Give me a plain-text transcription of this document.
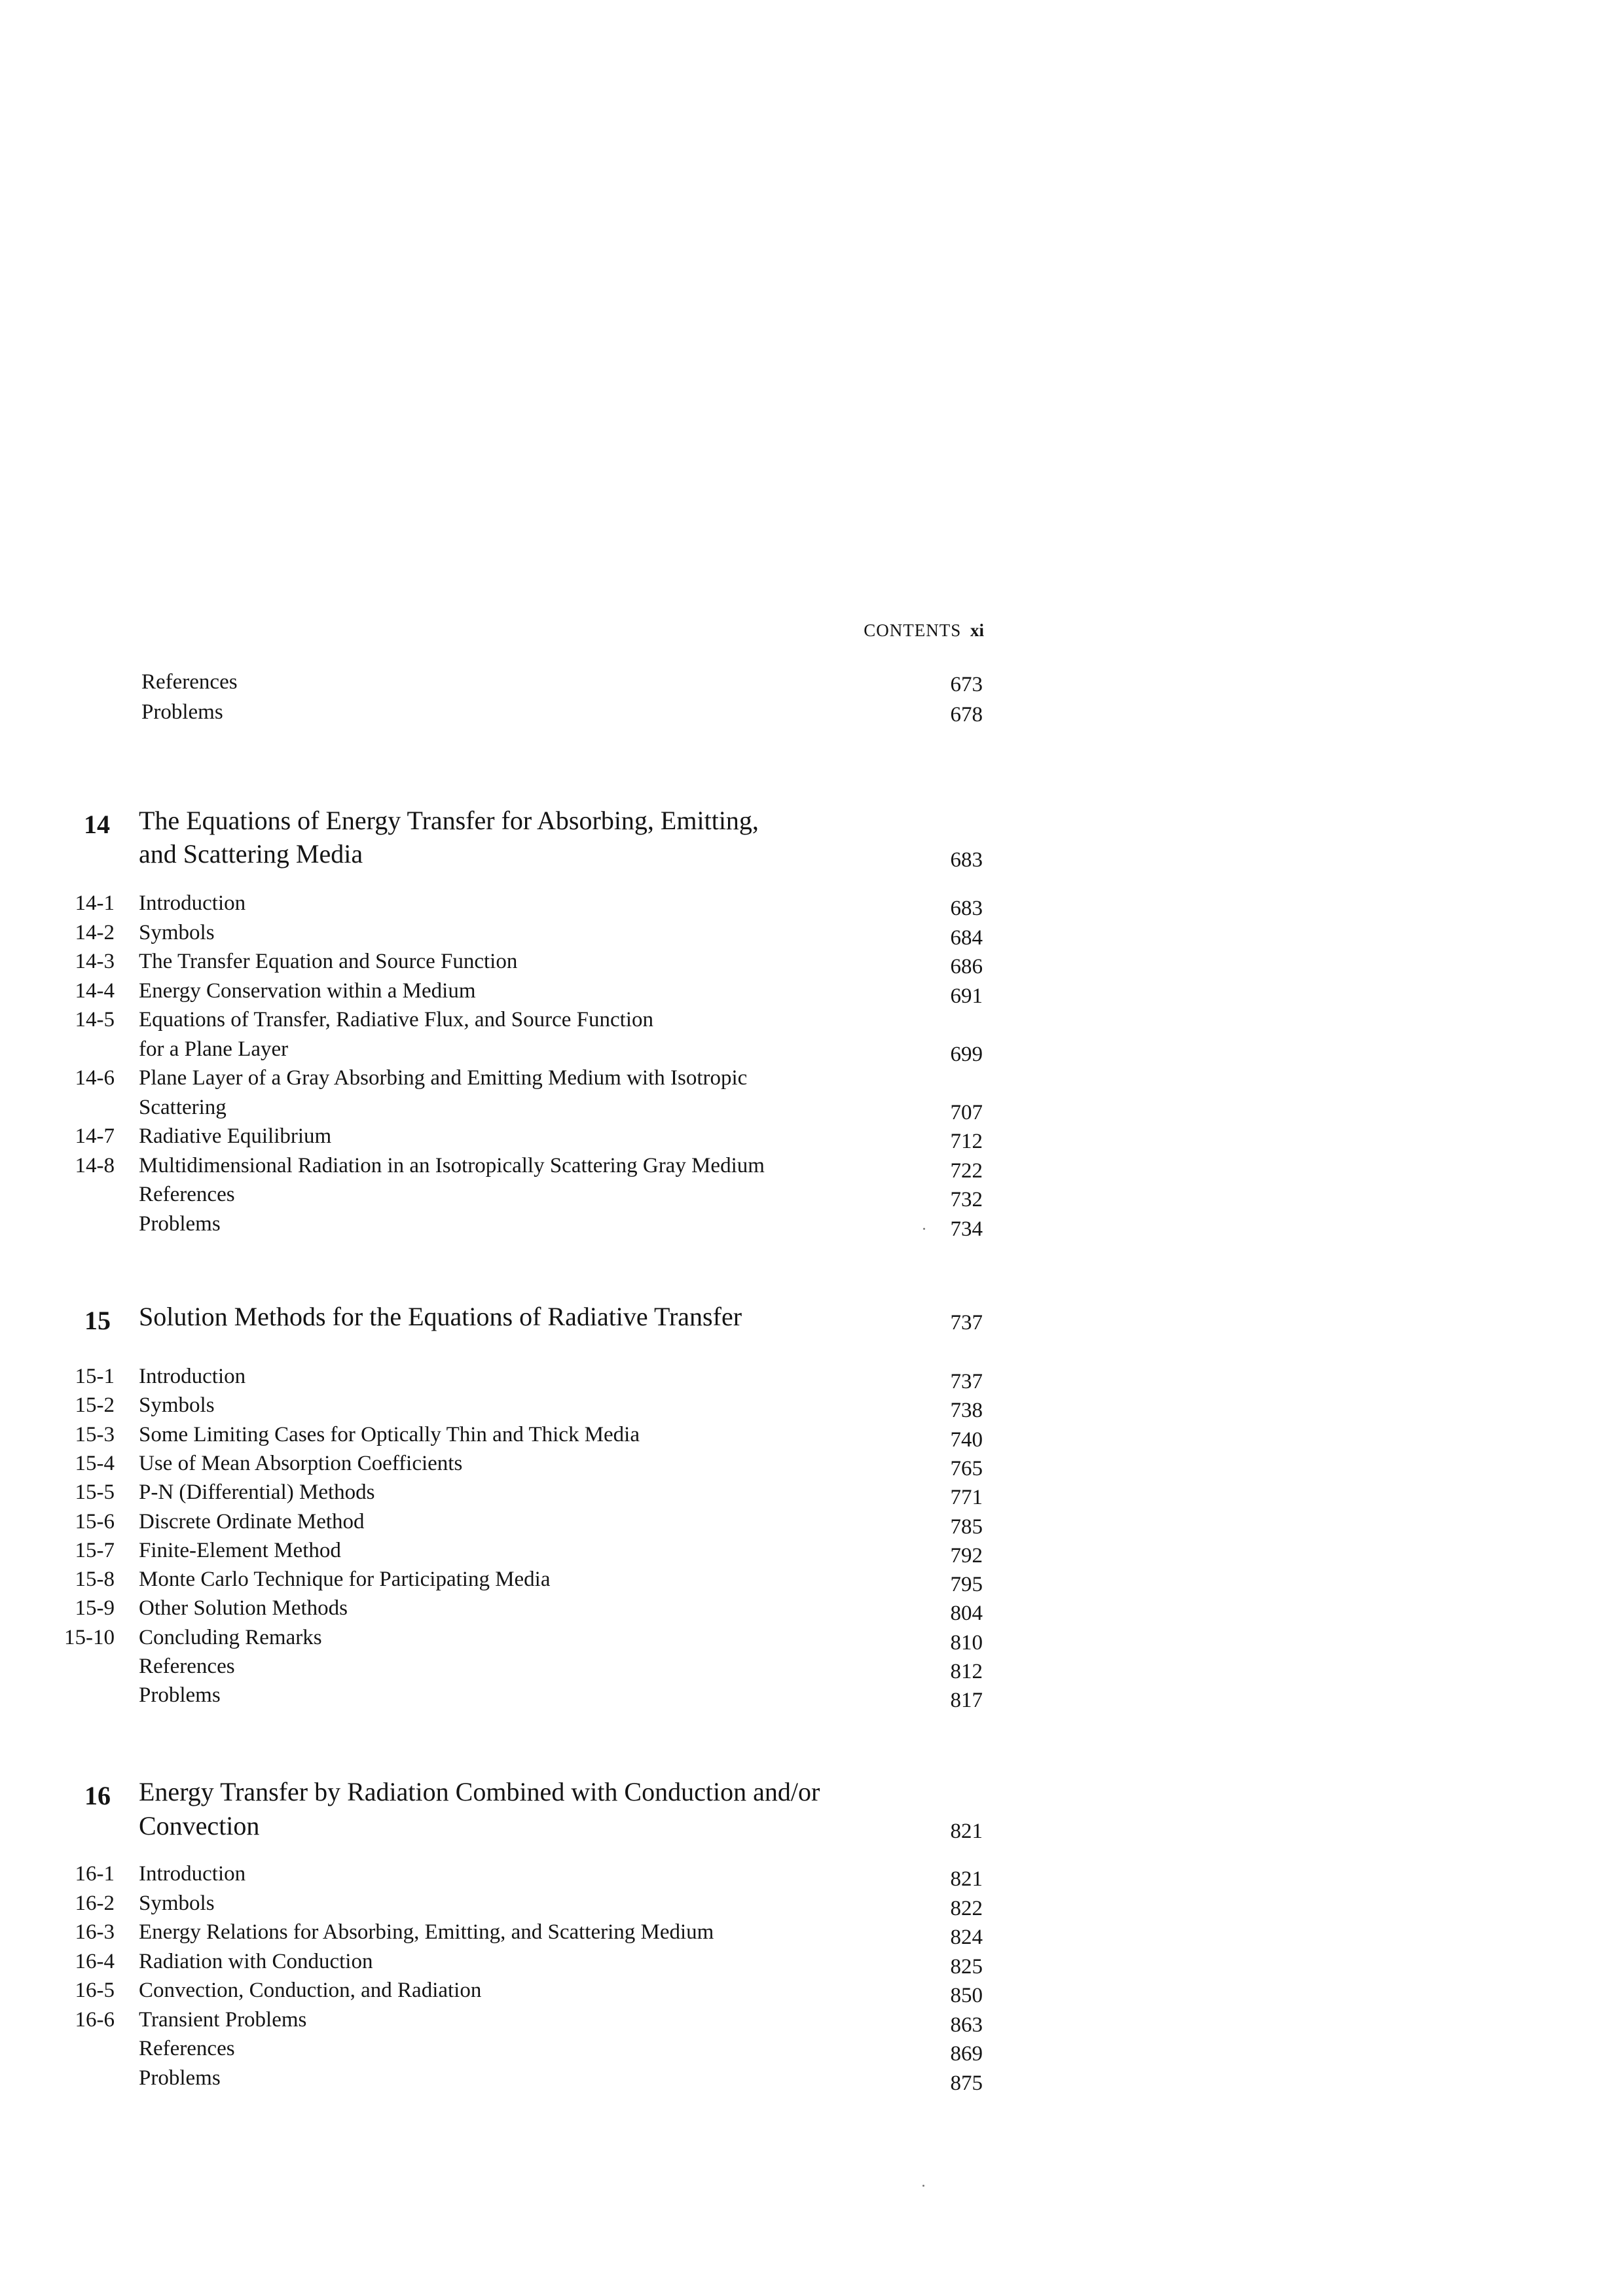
CONTENTS xi
References	673
Problems	678
14 The Equations of Energy Transfer for Absorbing, Emitting,
and Scattering Media	683
14-1 Introduction	683
14-2 Symbols	684
14-3 The Transfer Equation and Source Function	686
14-4 Energy Conservation within a Medium	691
14-5 Equations of Transfer, Radiative Flux, and Source Function
for a Plane Layer	699
14-6 Plane Layer of a Gray Absorbing and Emitting Medium with Isotropic
Scattering	707
14-7 Radiative Equilibrium	712
14-8 Multidimensional Radiation in an Isotropically Scattering Gray Medium	722
References	732
Problems	734
15 Solution Methods for the Equations of Radiative Transfer	737
15-1 Introduction	737
15-2 Symbols	738
15-3 Some Limiting Cases for Optically Thin and Thick Media	740
15-4 Use of Mean Absorption Coefficients	765
15-5 P-N (Differential) Methods	771
15-6 Discrete Ordinate Method	785
15-7 Finite-Element Method	792
15-8 Monte Carlo Technique for Participating Media	795
15-9 Other Solution Methods	804
15-10 Concluding Remarks	810
References	812
Problems	817
16 Energy Transfer by Radiation Combined with Conduction and/or
Convection	821
16-1 Introduction	821
16-2 Symbols	822
16-3 Energy Relations for Absorbing, Emitting, and Scattering Medium	824
16-4 Radiation with Conduction	825
16-5 Convection, Conduction, and Radiation	850
16-6 Transient Problems	863
References	869
Problems	875
